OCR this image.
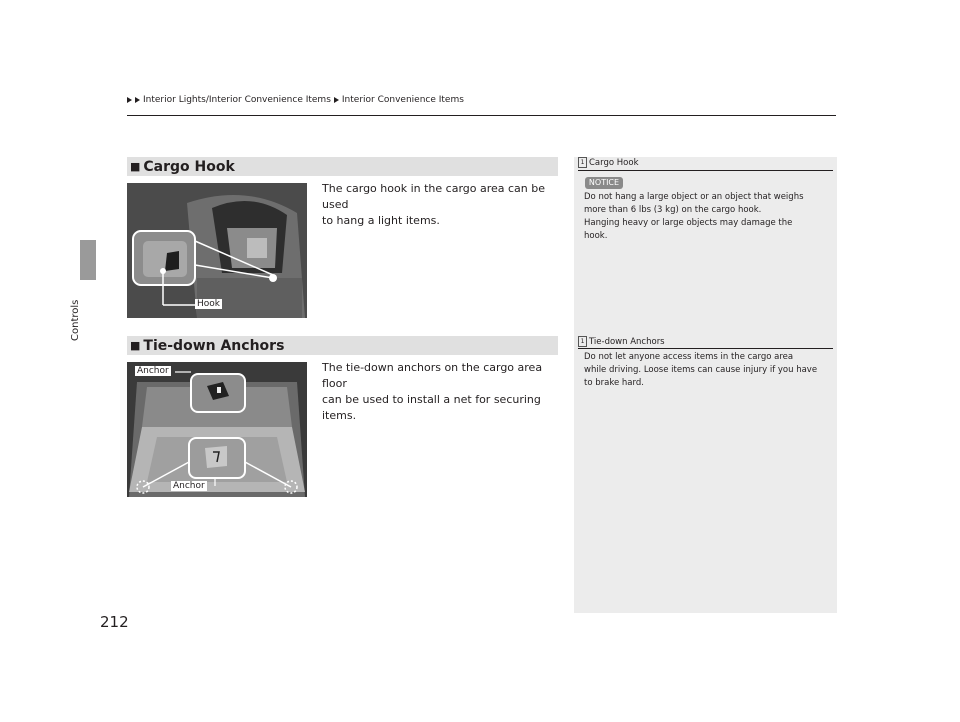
Controls
Interior Lights/Interior Convenience Items Interior Convenience Items
■ Cargo Hook
The cargo hook in the cargo area can be used
to hang a light items.
Hook
■ Tie-down Anchors
The tie-down anchors on the cargo area floor
can be used to install a net for securing items.
Anchor
Anchor
1 Cargo Hook
NOTICE
Do not hang a large object or an object that weighs
more than 6 lbs (3 kg) on the cargo hook.
Hanging heavy or large objects may damage the
hook.
1 Tie-down Anchors
Do not let anyone access items in the cargo area
while driving. Loose items can cause injury if you have
to brake hard.
212
